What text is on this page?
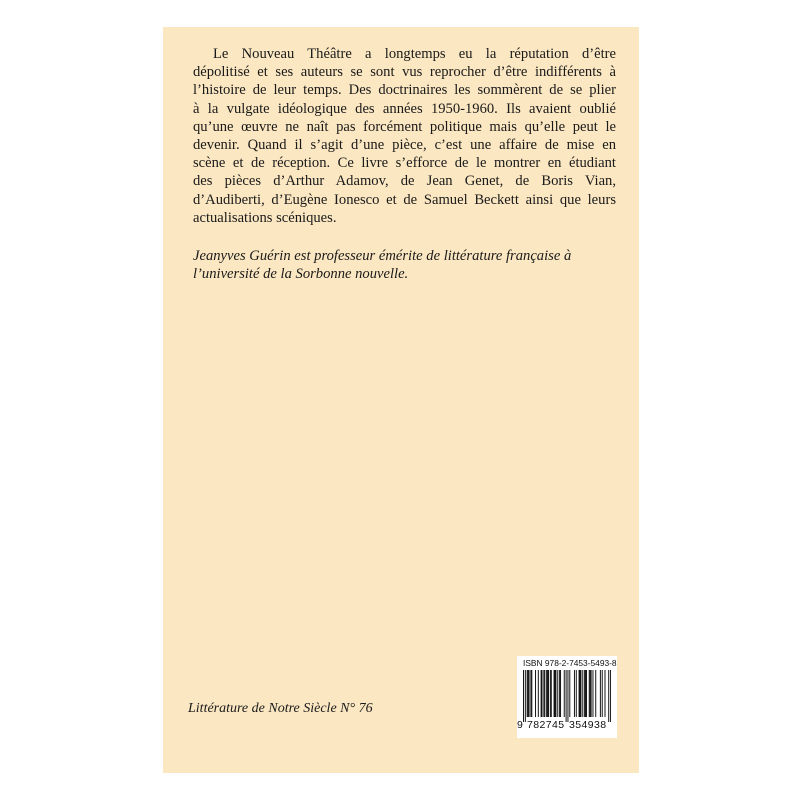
Le Nouveau Théâtre a longtemps eu la réputation d’être
dépolitisé et ses auteurs se sont vus reprocher d’être indifférents à
l’histoire de leur temps. Des doctrinaires les sommèrent de se plier
à la vulgate idéologique des années 1950-1960. Ils avaient oublié
qu’une œuvre ne naît pas forcément politique mais qu’elle peut le
devenir. Quand il s’agit d’une pièce, c’est une affaire de mise en
scène et de réception. Ce livre s’efforce de le montrer en étudiant
des pièces d’Arthur Adamov, de Jean Genet, de Boris Vian,
d’Audiberti, d’Eugène Ionesco et de Samuel Beckett ainsi que leurs
actualisations scéniques.

Jeanyves Guérin est professeur émérite de littérature française à l’université de la Sorbonne nouvelle.

Littérature de Notre Siècle N° 76

ISBN 978-2-7453-5493-8
9 782745 354938
